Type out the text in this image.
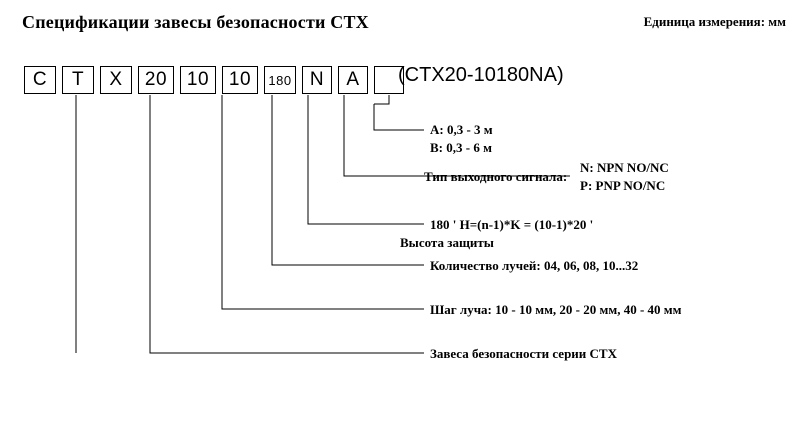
Спецификации завесы безопасности CTX	Единица измерения: мм
C	T	X	20	10	10	180 N	A	(CTX20-10180NA)
A: 0,3 - 3 м
B: 0,3 - 6 м
Тип выходного сигнала:
N: NPN NO/NC
P: PNP NO/NC
180 ' H=(n-1)*K = (10-1)*20 '
Высота защиты
Количество лучей: 04, 06, 08, 10...32
Шаг луча: 10 - 10 мм, 20 - 20 мм, 40 - 40 мм
Завеса безопасности серии CTX
